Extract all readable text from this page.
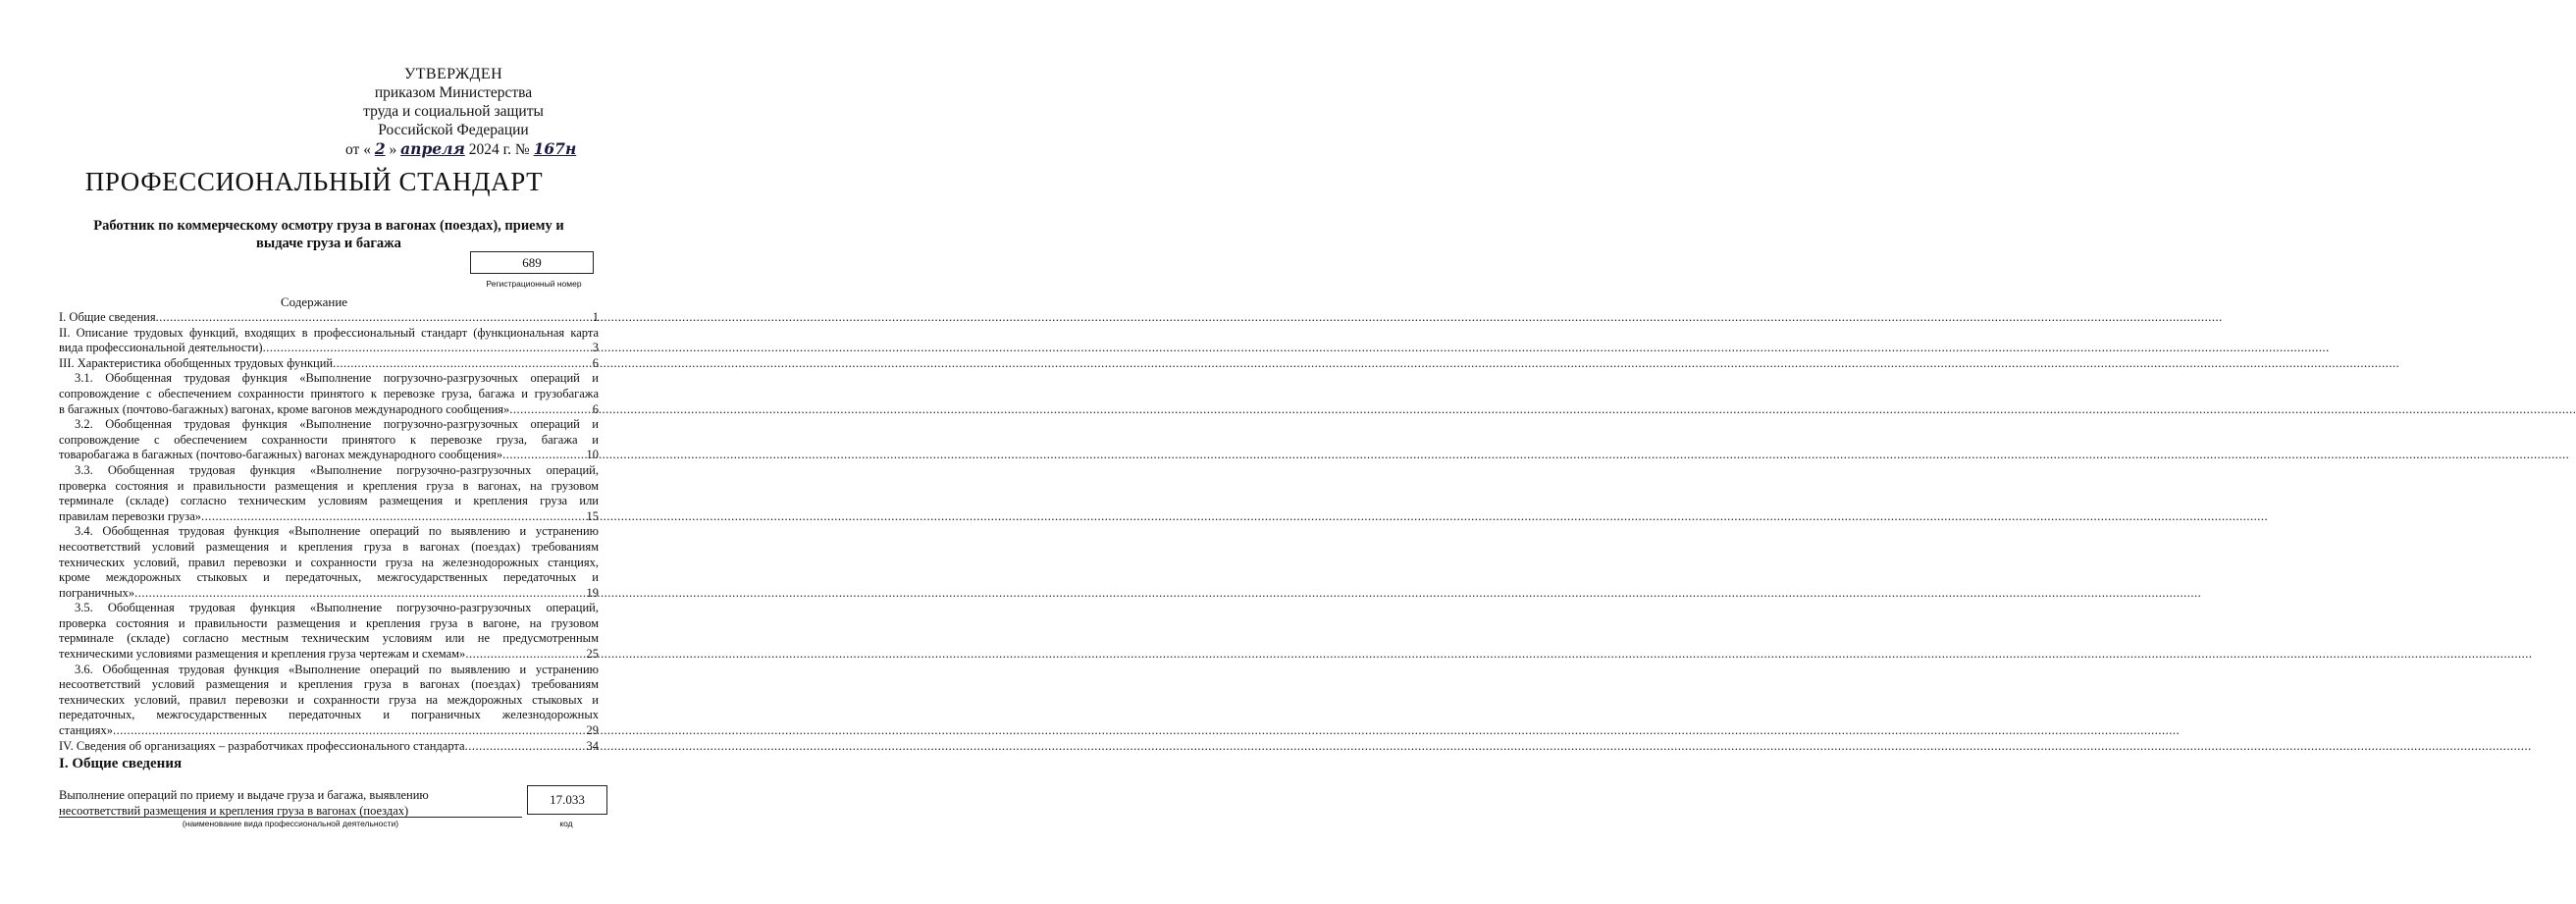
УТВЕРЖДЕН
приказом Министерства
труда и социальной защиты
Российской Федерации
от « 2 » апреля 2024 г. № 167н
ПРОФЕССИОНАЛЬНЫЙ СТАНДАРТ
Работник по коммерческому осмотру груза в вагонах (поездах), приему и выдаче груза и багажа
689
Регистрационный номер
Содержание
I. Общие сведения .....	1
II. Описание трудовых функций, входящих в профессиональный стандарт (функциональная карта
вида профессиональной деятельности) .....	3
III. Характеристика обобщенных трудовых функций .....	6
3.1. Обобщенная трудовая функция «Выполнение погрузочно-разгрузочных операций и
сопровождение с обеспечением сохранности принятого к перевозке груза, багажа и грузобагажа
в багажных (почтово-багажных) вагонах, кроме вагонов международного сообщения» .....	6
3.2. Обобщенная трудовая функция «Выполнение погрузочно-разгрузочных операций и
сопровождение с обеспечением сохранности принятого к перевозке груза, багажа и
товаробагажа в багажных (почтово-багажных) вагонах международного сообщения» .....	10
3.3. Обобщенная трудовая функция «Выполнение погрузочно-разгрузочных операций,
проверка состояния и правильности размещения и крепления груза в вагонах, на грузовом
терминале (складе) согласно техническим условиям размещения и крепления груза или
правилам перевозки груза» .....	15
3.4. Обобщенная трудовая функция «Выполнение операций по выявлению и устранению
несоответствий условий размещения и крепления груза в вагонах (поездах) требованиям
технических условий, правил перевозки и сохранности груза на железнодорожных станциях,
кроме междорожных стыковых и передаточных, межгосударственных передаточных и
пограничных» .....	19
3.5. Обобщенная трудовая функция «Выполнение погрузочно-разгрузочных операций,
проверка состояния и правильности размещения и крепления груза в вагоне, на грузовом
терминале (складе) согласно местным техническим условиям или не предусмотренным
техническими условиями размещения и крепления груза чертежам и схемам» .....	25
3.6. Обобщенная трудовая функция «Выполнение операций по выявлению и устранению
несоответствий условий размещения и крепления груза в вагонах (поездах) требованиям
технических условий, правил перевозки и сохранности груза на междорожных стыковых и
передаточных, межгосударственных передаточных и пограничных железнодорожных
станциях» .....	29
IV. Сведения об организациях – разработчиках профессионального стандарта .....	34
I. Общие сведения
Выполнение операций по приему и выдаче груза и багажа, выявлению несоответствий размещения и крепления груза в вагонах (поездах)
(наименование вида профессиональной деятельности)
17.033
код
